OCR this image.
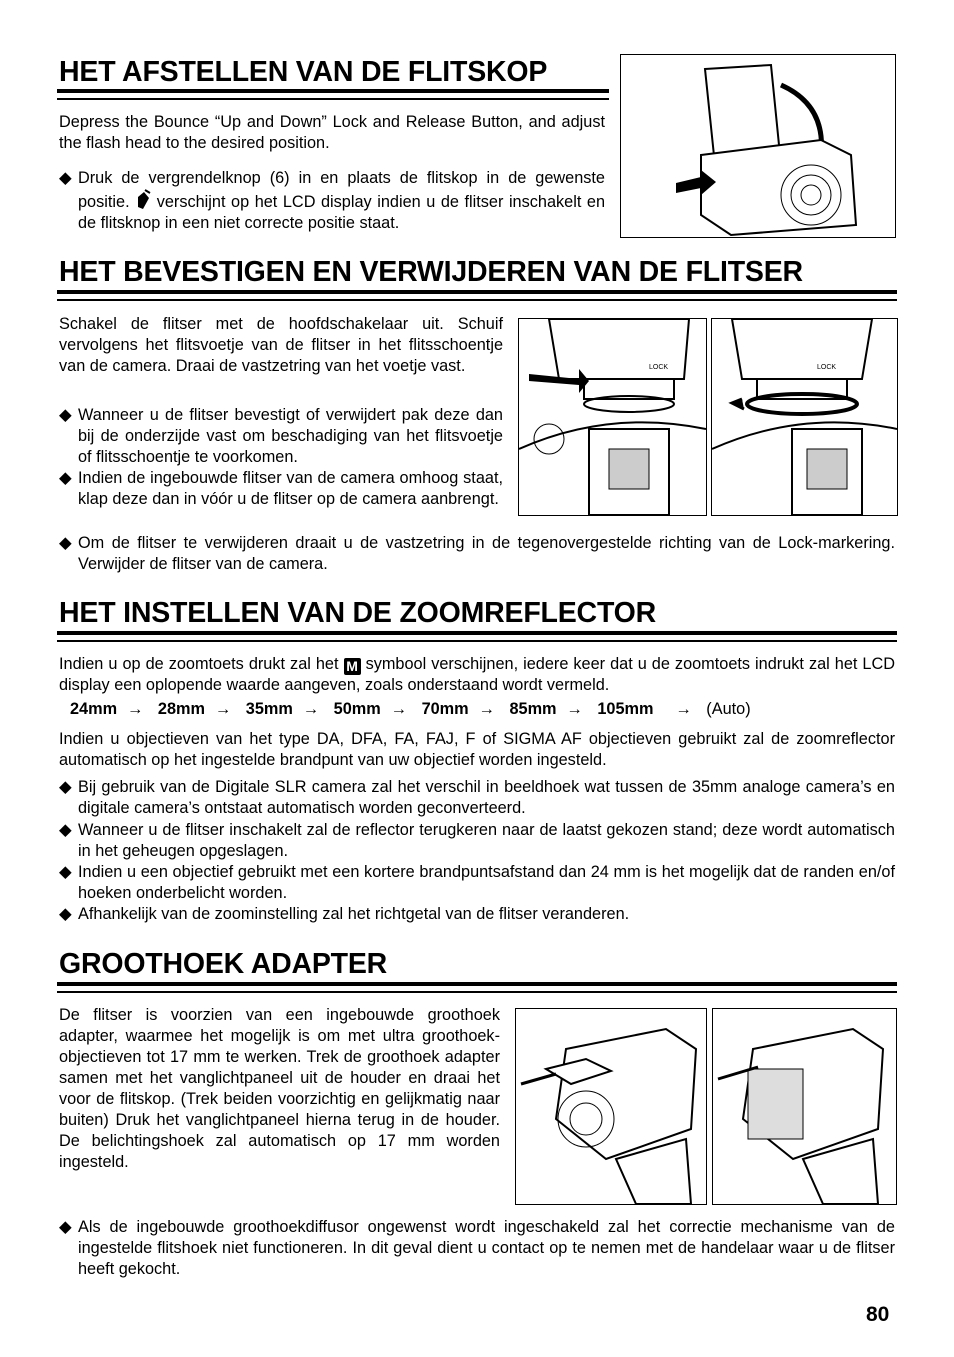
HET AFSTELLEN VAN DE FLITSKOP

Depress the Bounce “Up and Down” Lock and Release Button, and adjust the flash head to the desired position.

◆ Druk de vergrendelknop (6) in en plaats de flitskop in de gewenste positie. verschijnt op het LCD display indien u de flitser inschakelt en de flitsknop in een niet correcte positie staat.

HET BEVESTIGEN EN VERWIJDEREN VAN DE FLITSER

Schakel de flitser met de hoofdschakelaar uit. Schuif vervolgens het flitsvoetje van de flitser in het flitsschoentje van de camera. Draai de vastzetring van het voetje vast.

◆ Wanneer u de flitser bevestigt of verwijdert pak deze dan bij de onderzijde vast om beschadiging van het flitsvoetje of flitsschoentje te voorkomen.

◆ Indien de ingebouwde flitser van de camera omhoog staat, klap deze dan in vóór u de flitser op de camera aanbrengt.

◆ Om de flitser te verwijderen draait u de vastzetring in de tegenovergestelde richting van de Lock-markering. Verwijder de flitser van de camera.

LOCK	LOCK
HET INSTELLEN VAN DE ZOOMREFLECTOR

Indien u op de zoomtoets drukt zal het M symbool verschijnen, iedere keer dat u de zoomtoets indrukt zal het LCD display een oplopende waarde aangeven, zoals onderstaand wordt vermeld.

24mm → 28mm → 35mm → 50mm → 70mm → 85mm → 105mm → (Auto)

Indien u objectieven van het type DA, DFA, FA, FAJ, F of SIGMA AF objectieven gebruikt zal de zoomreflector automatisch op het ingestelde brandpunt van uw objectief worden ingesteld.

◆ Bij gebruik van de Digitale SLR camera zal het verschil in beeldhoek wat tussen de 35mm analoge camera’s en digitale camera’s ontstaat automatisch worden geconverteerd.

◆ Wanneer u de flitser inschakelt zal de reflector terugkeren naar de laatst gekozen stand; deze wordt automatisch in het geheugen opgeslagen.

◆ Indien u een objectief gebruikt met een kortere brandpuntsafstand dan 24 mm is het mogelijk dat de randen en/of hoeken onderbelicht worden.

◆ Afhankelijk van de zoominstelling zal het richtgetal van de flitser veranderen.

GROOTHOEK ADAPTER

De flitser is voorzien van een ingebouwde groothoek adapter, waarmee het mogelijk is om met ultra groothoek-objectieven tot 17 mm te werken. Trek de groothoek adapter samen met het vanglichtpaneel uit de houder en draai het voor de flitskop. (Trek beiden voorzichtig en gelijkmatig naar buiten) Druk het vanglichtpaneel hierna terug in de houder. De belichtingshoek zal automatisch op 17 mm worden ingesteld.

◆ Als de ingebouwde groothoekdiffusor ongewenst wordt ingeschakeld zal het correctie mechanisme van de ingestelde flitshoek niet functioneren. In dit geval dient u contact op te nemen met de handelaar waar u de flitser heeft gekocht.

80
